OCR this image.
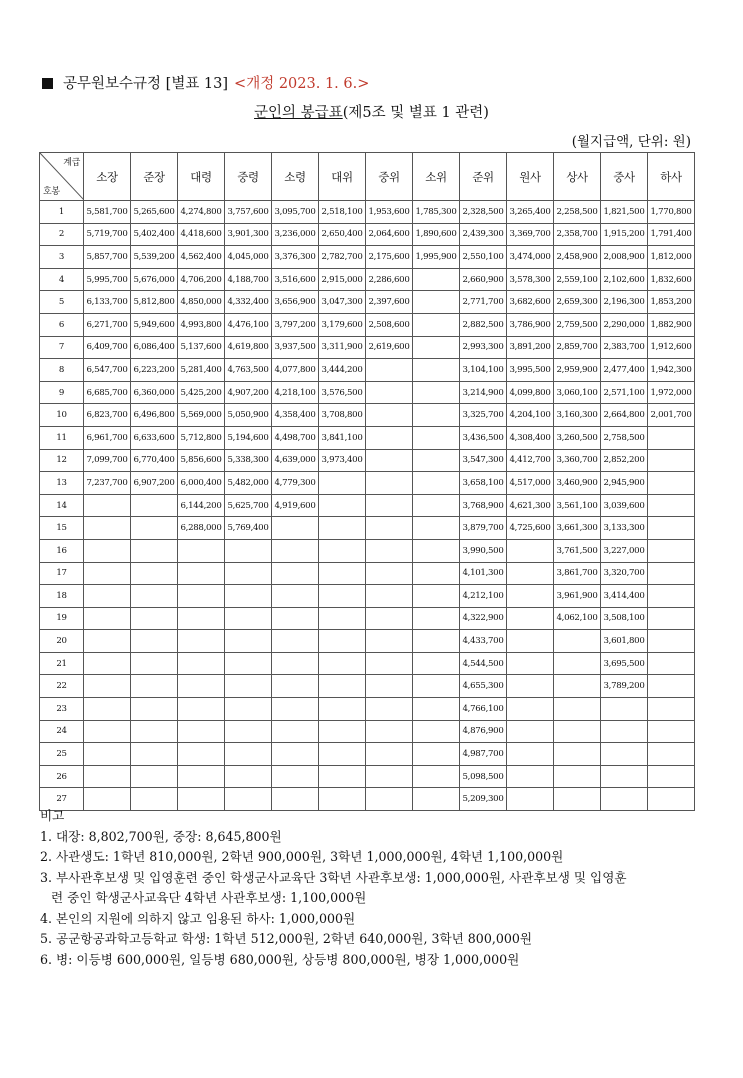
공무원보수규정 [별표 13] <개정 2023. 1. 6.>
군인의 봉급표(제5조 및 별표 1 관련)
(월지급액, 단위: 원)
계급
호봉	소장	준장	대령	중령	소령	대위	중위	소위	준위	원사	상사	중사	하사
1	5,581,700	5,265,600	4,274,800	3,757,600	3,095,700	2,518,100	1,953,600	1,785,300	2,328,500	3,265,400	2,258,500	1,821,500	1,770,800
2	5,719,700	5,402,400	4,418,600	3,901,300	3,236,000	2,650,400	2,064,600	1,890,600	2,439,300	3,369,700	2,358,700	1,915,200	1,791,400
3	5,857,700	5,539,200	4,562,400	4,045,000	3,376,300	2,782,700	2,175,600	1,995,900	2,550,100	3,474,000	2,458,900	2,008,900	1,812,000
4	5,995,700	5,676,000	4,706,200	4,188,700	3,516,600	2,915,000	2,286,600		2,660,900	3,578,300	2,559,100	2,102,600	1,832,600
5	6,133,700	5,812,800	4,850,000	4,332,400	3,656,900	3,047,300	2,397,600		2,771,700	3,682,600	2,659,300	2,196,300	1,853,200
6	6,271,700	5,949,600	4,993,800	4,476,100	3,797,200	3,179,600	2,508,600		2,882,500	3,786,900	2,759,500	2,290,000	1,882,900
7	6,409,700	6,086,400	5,137,600	4,619,800	3,937,500	3,311,900	2,619,600		2,993,300	3,891,200	2,859,700	2,383,700	1,912,600
8	6,547,700	6,223,200	5,281,400	4,763,500	4,077,800	3,444,200			3,104,100	3,995,500	2,959,900	2,477,400	1,942,300
9	6,685,700	6,360,000	5,425,200	4,907,200	4,218,100	3,576,500			3,214,900	4,099,800	3,060,100	2,571,100	1,972,000
10	6,823,700	6,496,800	5,569,000	5,050,900	4,358,400	3,708,800			3,325,700	4,204,100	3,160,300	2,664,800	2,001,700
11	6,961,700	6,633,600	5,712,800	5,194,600	4,498,700	3,841,100			3,436,500	4,308,400	3,260,500	2,758,500	
12	7,099,700	6,770,400	5,856,600	5,338,300	4,639,000	3,973,400			3,547,300	4,412,700	3,360,700	2,852,200	
13	7,237,700	6,907,200	6,000,400	5,482,000	4,779,300				3,658,100	4,517,000	3,460,900	2,945,900	
14			6,144,200	5,625,700	4,919,600				3,768,900	4,621,300	3,561,100	3,039,600	
15			6,288,000	5,769,400					3,879,700	4,725,600	3,661,300	3,133,300	
16									3,990,500		3,761,500	3,227,000	
17									4,101,300		3,861,700	3,320,700	
18									4,212,100		3,961,900	3,414,400	
19									4,322,900		4,062,100	3,508,100	
20									4,433,700			3,601,800	
21									4,544,500			3,695,500	
22									4,655,300			3,789,200	
23									4,766,100				
24									4,876,900				
25									4,987,700				
26									5,098,500				
27									5,209,300				
비고
1. 대장: 8,802,700원, 중장: 8,645,800원
2. 사관생도: 1학년 810,000원, 2학년 900,000원, 3학년 1,000,000원, 4학년 1,100,000원
3. 부사관후보생 및 입영훈련 중인 학생군사교육단 3학년 사관후보생: 1,000,000원, 사관후보생 및 입영훈
련 중인 학생군사교육단 4학년 사관후보생: 1,100,000원
4. 본인의 지원에 의하지 않고 임용된 하사: 1,000,000원
5. 공군항공과학고등학교 학생: 1학년 512,000원, 2학년 640,000원, 3학년 800,000원
6. 병: 이등병 600,000원, 일등병 680,000원, 상등병 800,000원, 병장 1,000,000원
